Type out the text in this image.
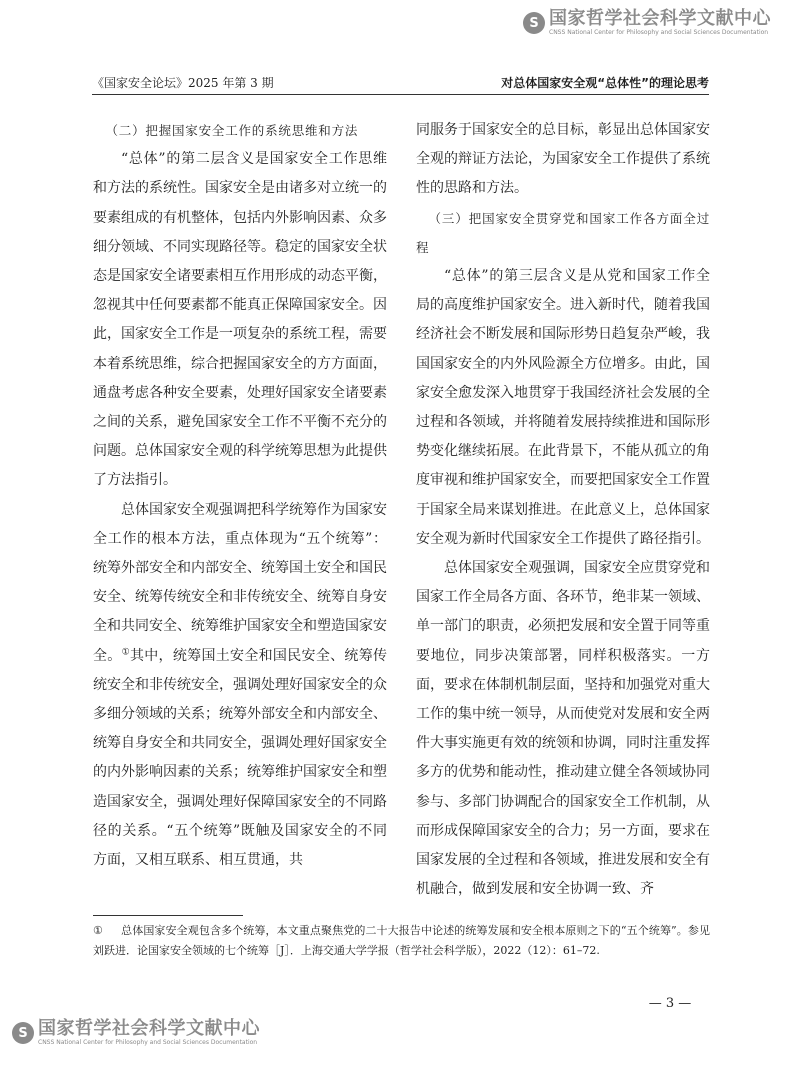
S 国家哲学社会科学文献中心
CNSS National Center for Philosophy and Social Sciences Documentation
《国家安全论坛》2025 年第 3 期	对总体国家安全观“总体性”的理论思考

（二）把握国家安全工作的系统思维和方法

“总体”的第二层含义是国家安全工作思维和方法的系统性。国家安全是由诸多对立统一的要素组成的有机整体，包括内外影响因素、众多细分领域、不同实现路径等。稳定的国家安全状态是国家安全诸要素相互作用形成的动态平衡，忽视其中任何要素都不能真正保障国家安全。因此，国家安全工作是一项复杂的系统工程，需要本着系统思维，综合把握国家安全的方方面面，通盘考虑各种安全要素，处理好国家安全诸要素之间的关系，避免国家安全工作不平衡不充分的问题。总体国家安全观的科学统筹思想为此提供了方法指引。

总体国家安全观强调把科学统筹作为国家安全工作的根本方法，重点体现为“五个统筹”：统筹外部安全和内部安全、统筹国土安全和国民安全、统筹传统安全和非传统安全、统筹自身安全和共同安全、统筹维护国家安全和塑造国家安全。①其中，统筹国土安全和国民安全、统筹传统安全和非传统安全，强调处理好国家安全的众多细分领域的关系；统筹外部安全和内部安全、统筹自身安全和共同安全，强调处理好国家安全的内外影响因素的关系；统筹维护国家安全和塑造国家安全，强调处理好保障国家安全的不同路径的关系。“五个统筹”既触及国家安全的不同方面，又相互联系、相互贯通，共

同服务于国家安全的总目标，彰显出总体国家安全观的辩证方法论，为国家安全工作提供了系统性的思路和方法。

（三）把国家安全贯穿党和国家工作各方面全过程

“总体”的第三层含义是从党和国家工作全局的高度维护国家安全。进入新时代，随着我国经济社会不断发展和国际形势日趋复杂严峻，我国国家安全的内外风险源全方位增多。由此，国家安全愈发深入地贯穿于我国经济社会发展的全过程和各领域，并将随着发展持续推进和国际形势变化继续拓展。在此背景下，不能从孤立的角度审视和维护国家安全，而要把国家安全工作置于国家全局来谋划推进。在此意义上，总体国家安全观为新时代国家安全工作提供了路径指引。

总体国家安全观强调，国家安全应贯穿党和国家工作全局各方面、各环节，绝非某一领域、单一部门的职责，必须把发展和安全置于同等重要地位，同步决策部署，同样积极落实。一方面，要求在体制机制层面，坚持和加强党对重大工作的集中统一领导，从而使党对发展和安全两件大事实施更有效的统领和协调，同时注重发挥多方的优势和能动性，推动建立健全各领域协同参与、多部门协调配合的国家安全工作机制，从而形成保障国家安全的合力；另一方面，要求在国家发展的全过程和各领域，推进发展和安全有机融合，做到发展和安全协调一致、齐

① 总体国家安全观包含多个统筹，本文重点聚焦党的二十大报告中论述的统筹发展和安全根本原则之下的“五个统筹”。参见刘跃进．论国家安全领域的七个统筹［J］．上海交通大学学报（哲学社会科学版），2022（12）：61–72.
— 3 —
S 国家哲学社会科学文献中心
CNSS National Center for Philosophy and Social Sciences Documentation
